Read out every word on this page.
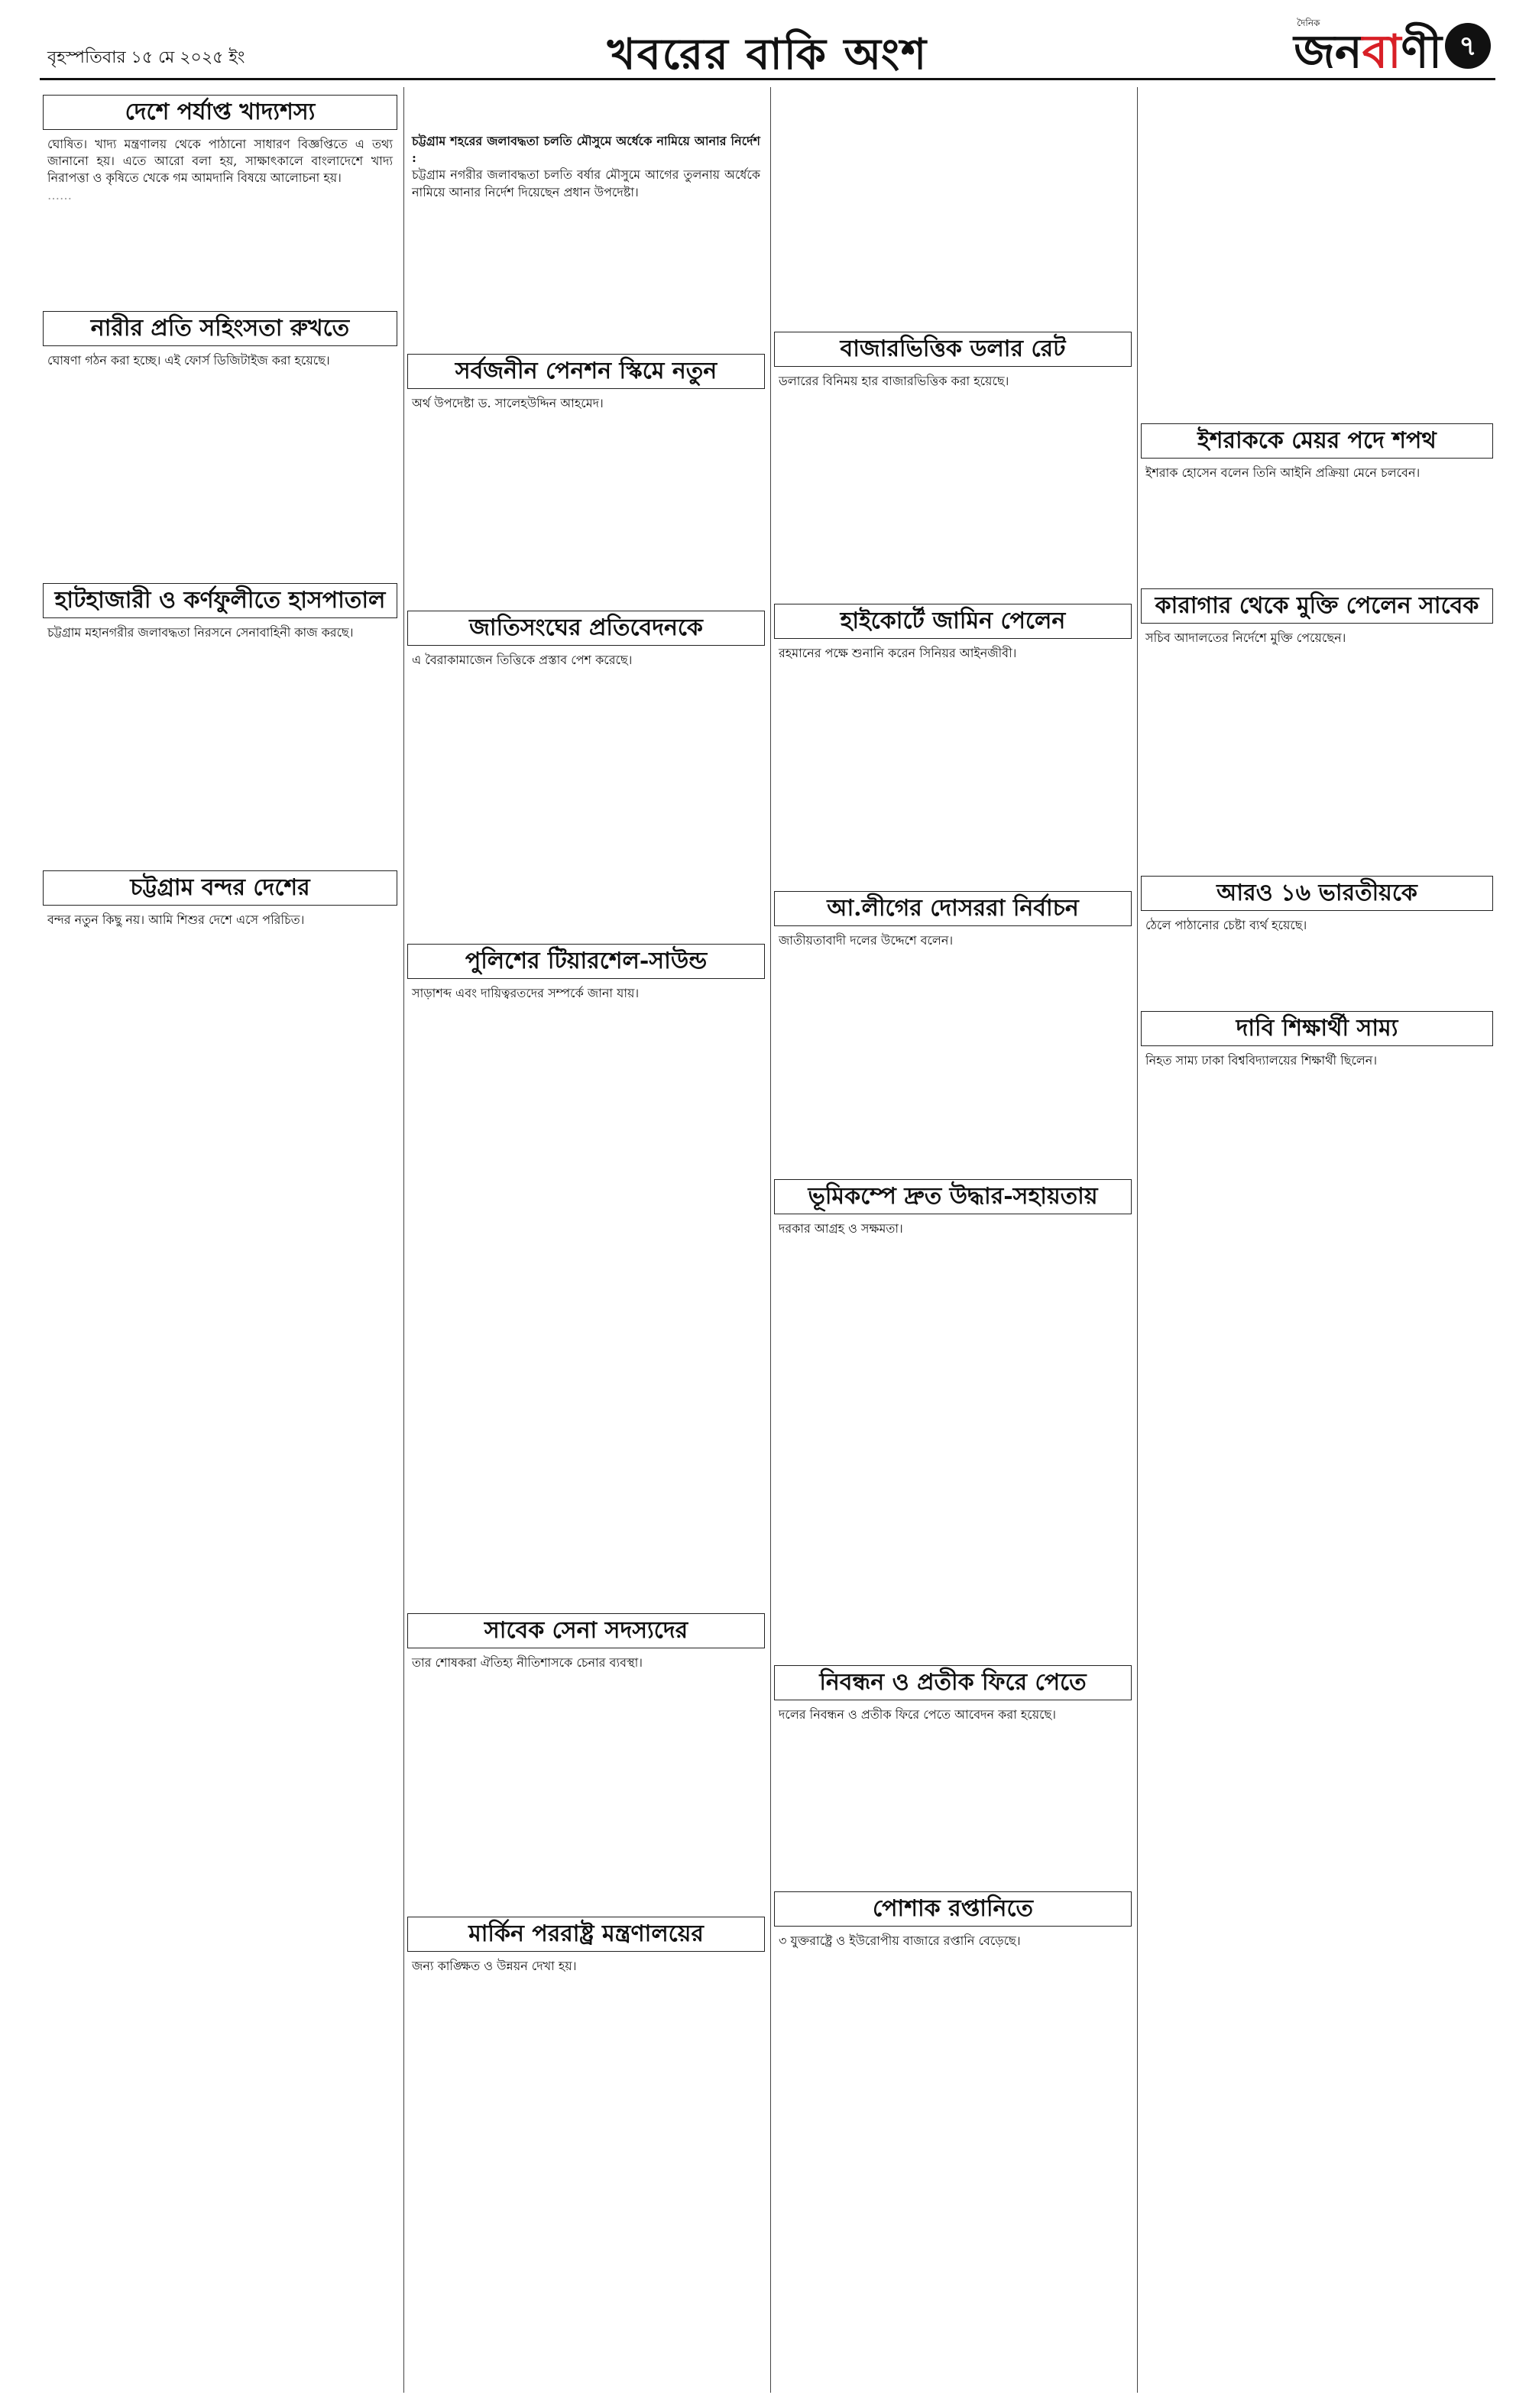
বৃহস্পতিবার ১৫ মে ২০২৫ ইং	খবরের বাকি অংশ
দৈনিক
জনবাণী ৭
দেশে পর্যাপ্ত খাদ্যশস্য
ঘোষিত। খাদ্য মন্ত্রণালয় থেকে পাঠানো সাধারণ বিজ্ঞপ্তিতে এ তথ্য জানানো হয়। এতে আরো বলা হয়, সাক্ষাৎকালে বাংলাদেশে খাদ্য নিরাপত্তা ও কৃষিতে খেকে গম আমদানি বিষয়ে আলোচনা হয়।
……
নারীর প্রতি সহিংসতা রুখতে
ঘোষণা গঠন করা হচ্ছে। এই ফোর্স ডিজিটাইজ করা হয়েছে।
হাটহাজারী ও কর্ণফুলীতে হাসপাতাল
চট্টগ্রাম মহানগরীর জলাবদ্ধতা নিরসনে সেনাবাহিনী কাজ করছে।
চট্টগ্রাম বন্দর দেশের
বন্দর নতুন কিছু নয়। আমি শিশুর দেশে এসে পরিচিত।
চট্টগ্রাম শহরের জলাবদ্ধতা চলতি মৌসুমে অর্ধেকে নামিয়ে আনার নির্দেশ :
চট্টগ্রাম নগরীর জলাবদ্ধতা চলতি বর্ষার মৌসুমে আগের তুলনায় অর্ধেকে নামিয়ে আনার নির্দেশ দিয়েছেন প্রধান উপদেষ্টা।
সর্বজনীন পেনশন স্কিমে নতুন
অর্থ উপদেষ্টা ড. সালেহউদ্দিন আহমেদ।
জাতিসংঘের প্রতিবেদনকে
এ বৈরাকামাজেন তিত্তিকে প্রস্তাব পেশ করেছে।
পুলিশের টিয়ারশেল-সাউন্ড
সাড়াশব্দ এবং দায়িত্বরতদের সম্পর্কে জানা যায়।
সাবেক সেনা সদস্যদের
তার শোষকরা ঐতিহ্য নীতিশাসকে চেনার ব্যবস্থা।
মার্কিন পররাষ্ট্র মন্ত্রণালয়ের
জন্য কাঙ্ক্ষিত ও উন্নয়ন দেখা হয়।
বাজারভিত্তিক ডলার রেট
ডলারের বিনিময় হার বাজারভিত্তিক করা হয়েছে।
হাইকোর্টে জামিন পেলেন
রহমানের পক্ষে শুনানি করেন সিনিয়র আইনজীবী।
আ.লীগের দোসররা নির্বাচন
জাতীয়তাবাদী দলের উদ্দেশে বলেন।
ভূমিকম্পে দ্রুত উদ্ধার-সহায়তায়
দরকার আগ্রহ ও সক্ষমতা।
নিবন্ধন ও প্রতীক ফিরে পেতে
দলের নিবন্ধন ও প্রতীক ফিরে পেতে আবেদন করা হয়েছে।
পোশাক রপ্তানিতে
৩ যুক্তরাষ্ট্রে ও ইউরোপীয় বাজারে রপ্তানি বেড়েছে।
ইশরাককে মেয়র পদে শপথ
ইশরাক হোসেন বলেন তিনি আইনি প্রক্রিয়া মেনে চলবেন।
কারাগার থেকে মুক্তি পেলেন সাবেক
সচিব আদালতের নির্দেশে মুক্তি পেয়েছেন।
আরও ১৬ ভারতীয়কে
ঠেলে পাঠানোর চেষ্টা ব্যর্থ হয়েছে।
দাবি শিক্ষার্থী সাম্য
নিহত সাম্য ঢাকা বিশ্ববিদ্যালয়ের শিক্ষার্থী ছিলেন।
